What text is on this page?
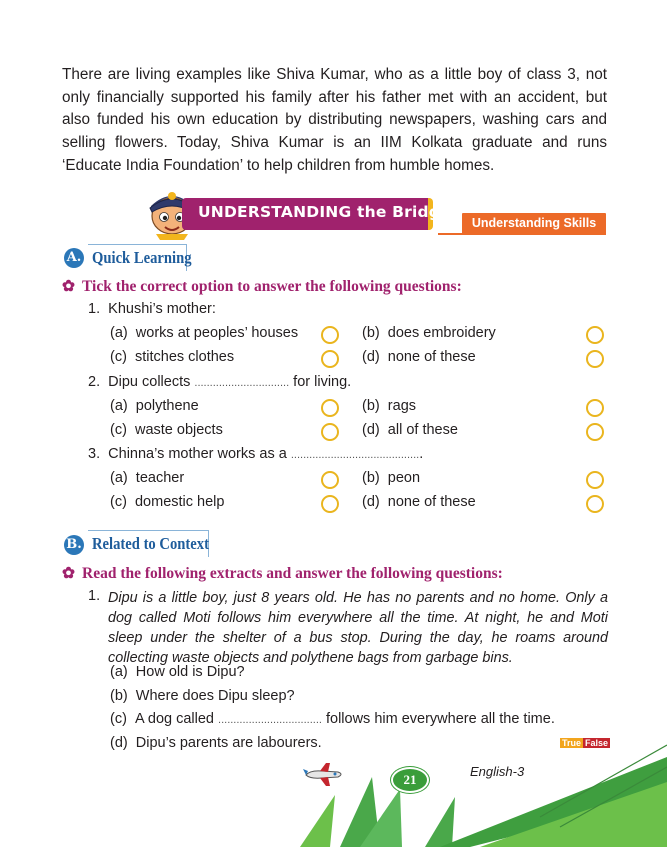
There are living examples like Shiva Kumar, who as a little boy of class 3, not only financially supported his family after his father met with an accident, but also funded his own education by distributing newspapers, washing cars and selling flowers. Today, Shiva Kumar is an IIM Kolkata graduate and runs ‘Educate India Foundation’ to help children from humble homes.

UNDERSTANDING the Bridge
Understanding Skills
A. Quick Learning
✿ Tick the correct option to answer the following questions:
1. Khushi’s mother:
(a) works at peoples’ houses	(b) does embroidery
(c) stitches clothes	(d) none of these
2. Dipu collects ............................... for living.
(a) polythene	(b) rags
(c) waste objects	(d) all of these
3. Chinna’s mother works as a ...........................................
(a) teacher	(b) peon
(c) domestic help	(d) none of these
B. Related to Context
✿ Read the following extracts and answer the following questions:
1. Dipu is a little boy, just 8 years old. He has no parents and no home. Only a dog called Moti follows him everywhere all the time. At night, he and Moti sleep under the shelter of a bus stop. During the day, he roams around collecting waste objects and polythene bags from garbage bins.

(a) How old is Dipu?
(b) Where does Dipu sleep?
(c) A dog called .................................. follows him everywhere all the time.
(d) Dipu’s parents are labourers.	True False
21
English-3
